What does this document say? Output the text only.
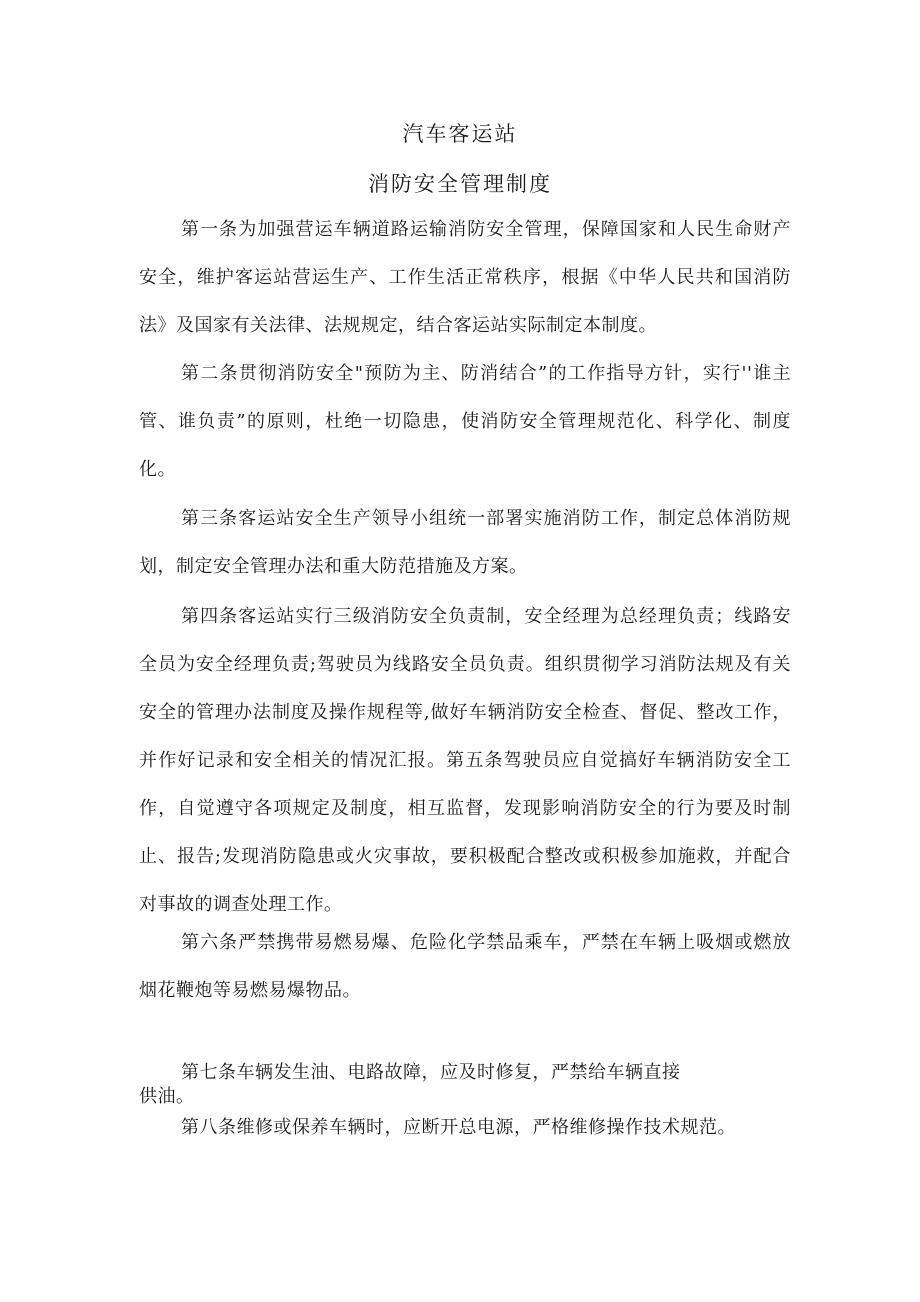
汽车客运站
消防安全管理制度
第一条为加强营运车辆道路运输消防安全管理，保障国家和人民生命财产安全，维护客运站营运生产、工作生活正常秩序，根据《中华人民共和国消防法》及国家有关法律、法规规定，结合客运站实际制定本制度。
第二条贯彻消防安全"预防为主、防消结合”的工作指导方针，实行''谁主管、谁负责”的原则，杜绝一切隐患，使消防安全管理规范化、科学化、制度化。
第三条客运站安全生产领导小组统一部署实施消防工作，制定总体消防规划，制定安全管理办法和重大防范措施及方案。
第四条客运站实行三级消防安全负责制，安全经理为总经理负责；线路安全员为安全经理负责;驾驶员为线路安全员负责。组织贯彻学习消防法规及有关安全的管理办法制度及操作规程等,做好车辆消防安全检查、督促、整改工作，并作好记录和安全相关的情况汇报。第五条驾驶员应自觉搞好车辆消防安全工作，自觉遵守各项规定及制度，相互监督，发现影响消防安全的行为要及时制止、报告;发现消防隐患或火灾事故，要积极配合整改或积极参加施救，并配合对事故的调查处理工作。
第六条严禁携带易燃易爆、危险化学禁品乘车，严禁在车辆上吸烟或燃放烟花鞭炮等易燃易爆物品。
第七条车辆发生油、电路故障，应及时修复，严禁给车辆直接
供油。
第八条维修或保养车辆时，应断开总电源，严格维修操作技术规范。
